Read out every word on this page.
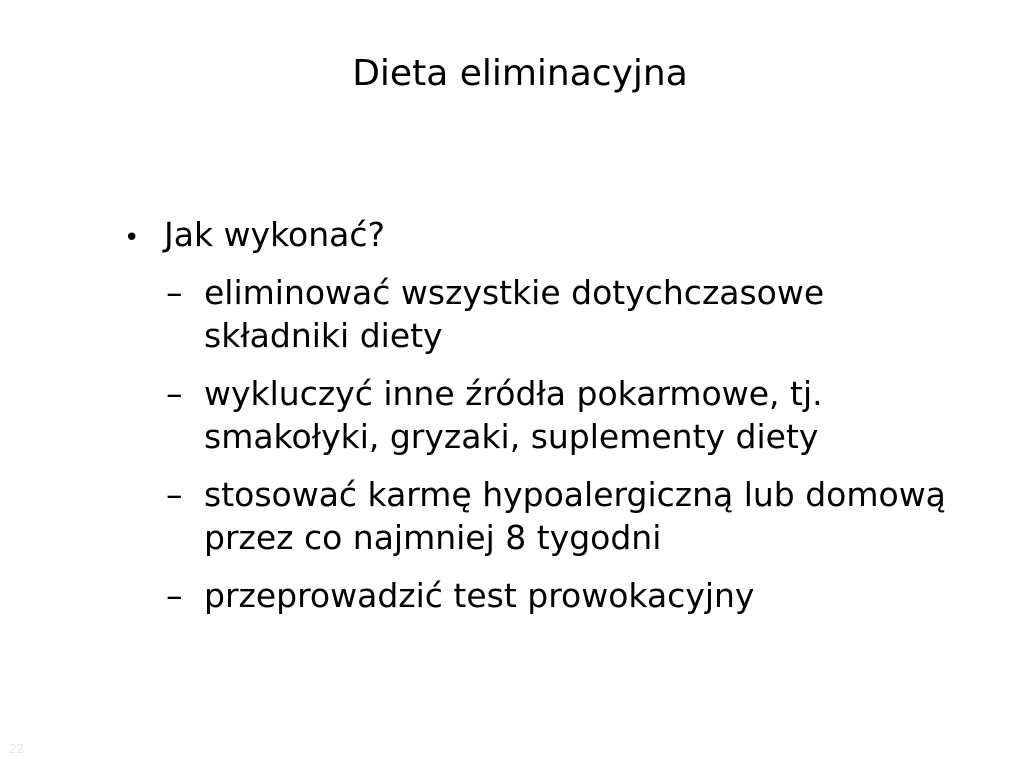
Dieta eliminacyjna
• Jak wykonać?
– eliminować wszystkie dotychczasowe składniki diety
– wykluczyć inne źródła pokarmowe, tj. smakołyki, gryzaki, suplementy diety
– stosować karmę hypoalergiczną lub domową przez co najmniej 8 tygodni
– przeprowadzić test prowokacyjny
22
